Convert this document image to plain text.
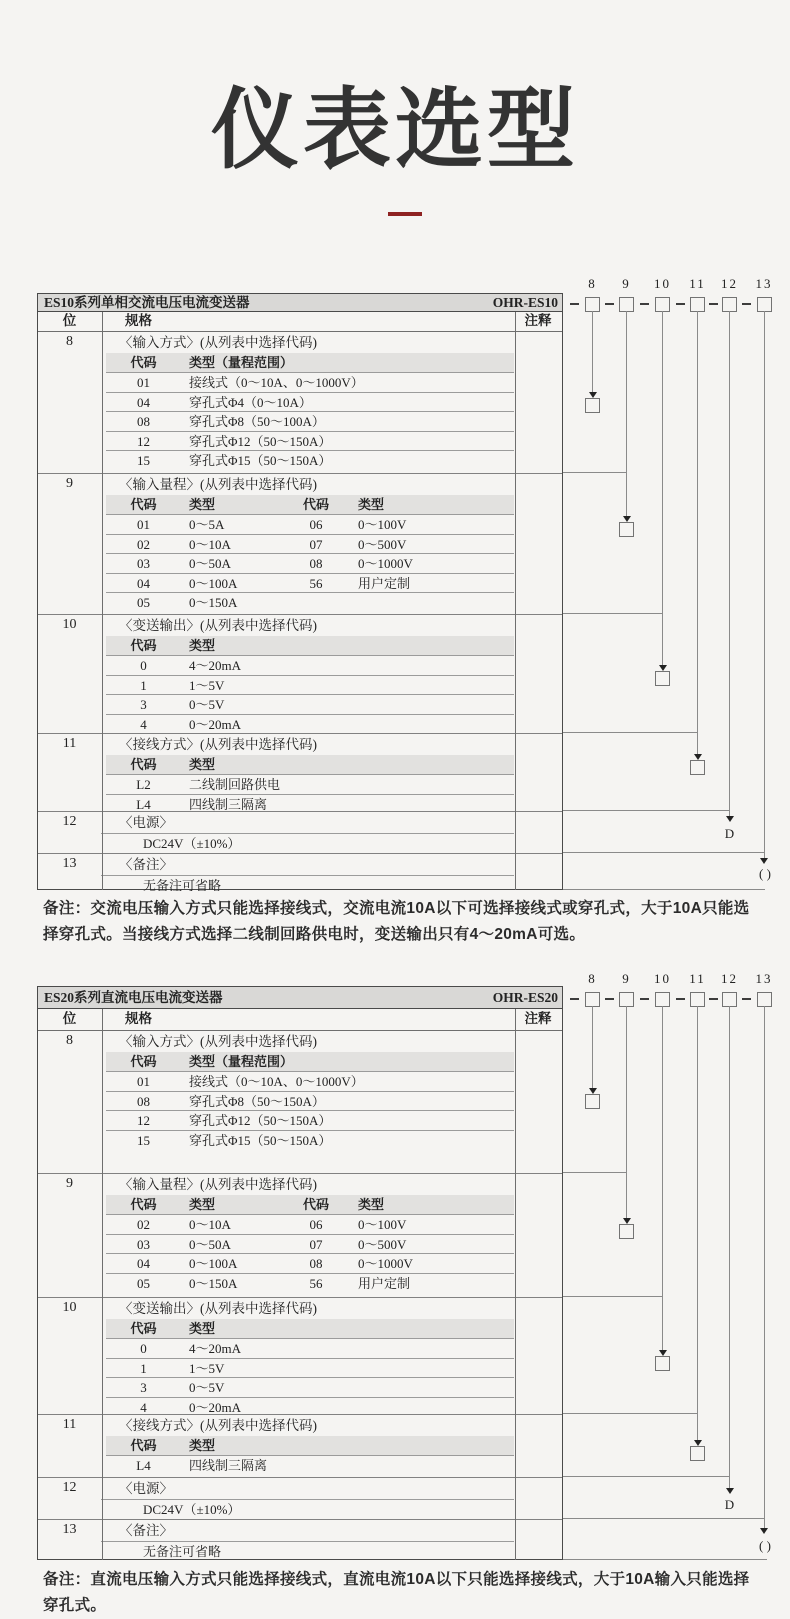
仪表选型
ES10系列单相交流电压电流变送器	OHR-ES10
位	规格	注释
8	〈输入方式〉(从列表中选择代码)
代码	类型（量程范围）
01	接线式（0～10A、0～1000V）
04	穿孔式Φ4（0～10A）
08	穿孔式Φ8（50～100A）
12	穿孔式Φ12（50～150A）
15	穿孔式Φ15（50～150A）
9	〈输入量程〉(从列表中选择代码)
代码	类型	代码	类型
01	0～5A	06	0～100V
02	0～10A	07	0～500V
03	0～50A	08	0～1000V
04	0～100A	56	用户定制
05	0～150A
10	〈变送输出〉(从列表中选择代码)
代码	类型
0	4～20mA
1	1～5V
3	0～5V
4	0～20mA
11	〈接线方式〉(从列表中选择代码)
代码	类型
L2	二线制回路供电
L4	四线制三隔离
12	〈电源〉
DC24V（±10%）
13	〈备注〉
无备注可省略
ES20系列直流电压电流变送器	OHR-ES20
位	规格	注释
8	〈输入方式〉(从列表中选择代码)
代码	类型（量程范围）
01	接线式（0～10A、0～1000V）
08	穿孔式Φ8（50～150A）
12	穿孔式Φ12（50～150A）
15	穿孔式Φ15（50～150A）
9	〈输入量程〉(从列表中选择代码)
代码	类型	代码	类型
02	0～10A	06	0～100V
03	0～50A	07	0～500V
04	0～100A	08	0～1000V
05	0～150A	56	用户定制
10	〈变送输出〉(从列表中选择代码)
代码	类型
0	4～20mA
1	1～5V
3	0～5V
4	0～20mA
11	〈接线方式〉(从列表中选择代码)
代码	类型
L4	四线制三隔离
12	〈电源〉
DC24V（±10%）
13	〈备注〉
无备注可省略

备注：交流电压输入方式只能选择接线式，交流电流10A以下可选择接线式或穿孔式，大于10A只能选择穿孔式。当接线方式选择二线制回路供电时，变送输出只有4～20mA可选。

备注：直流电压输入方式只能选择接线式，直流电流10A以下只能选择接线式，大于10A输入只能选择穿孔式。

8	9	10	11	12
D
13
( )
8	9	10	11	12
D
13
( )
